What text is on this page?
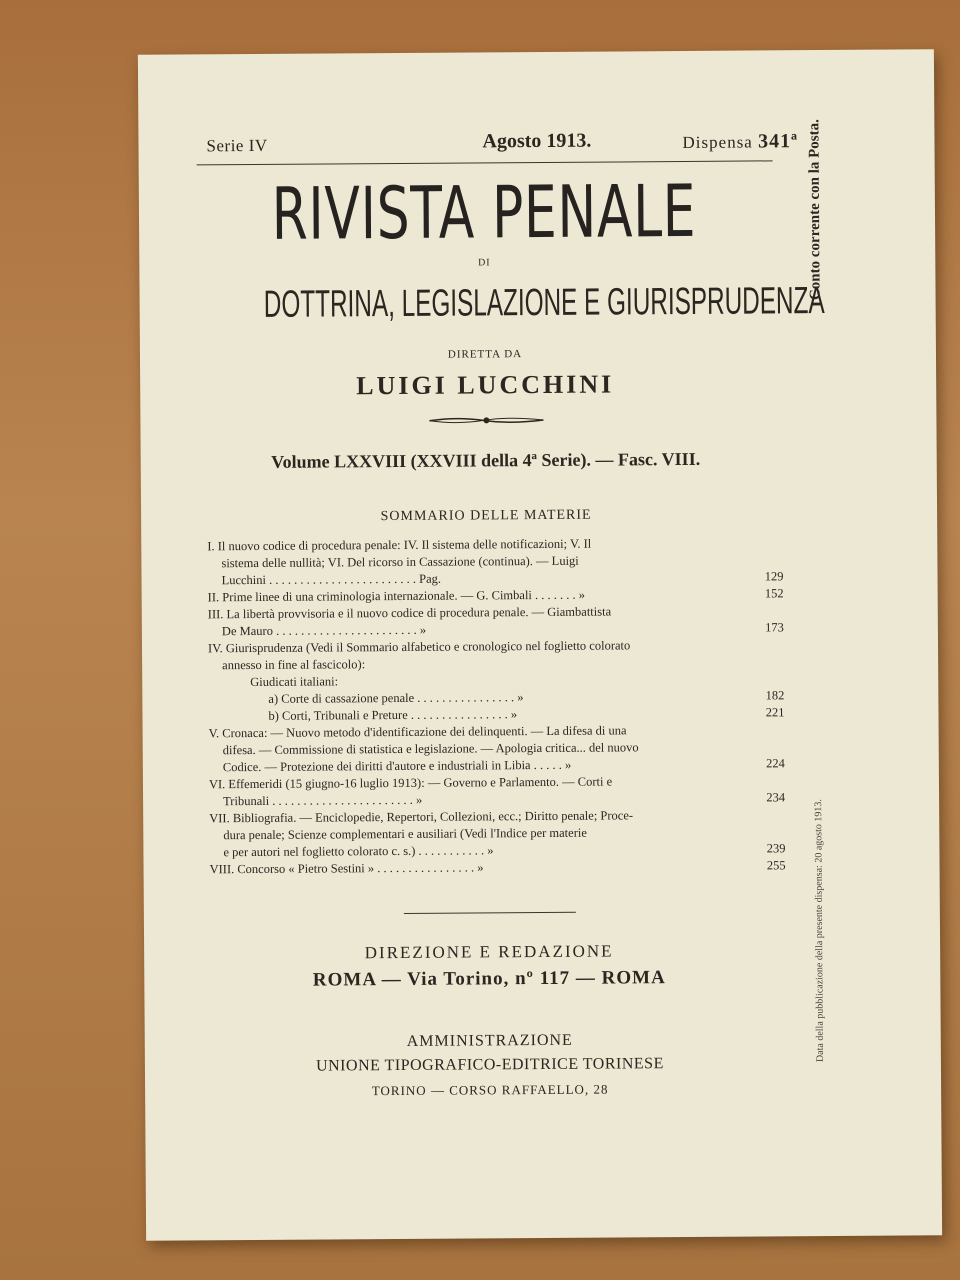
Serie IV	Agosto 1913.	Dispensa 341ª
RIVISTA PENALE
DI
DOTTRINA, LEGISLAZIONE E GIURISPRUDENZA
DIRETTA DA
LUIGI LUCCHINI
Volume LXXVIII (XXVIII della 4ª Serie). — Fasc. VIII.
Conto corrente con la Posta.
SOMMARIO DELLE MATERIE
I. Il nuovo codice di procedura penale: IV. Il sistema delle notificazioni; V. Il
sistema delle nullità; VI. Del ricorso in Cassazione (continua). — Luigi
Lucchini . . . . . . . . . . . . . . . . . . . . . . . . Pag.	129
II. Prime linee di una criminologia internazionale. — G. Cimbali . . . . . . . »	152
III. La libertà provvisoria e il nuovo codice di procedura penale. — Giambattista
De Mauro . . . . . . . . . . . . . . . . . . . . . . . »	173
IV. Giurisprudenza (Vedi il Sommario alfabetico e cronologico nel foglietto colorato
annesso in fine al fascicolo):
Giudicati italiani:
a) Corte di cassazione penale . . . . . . . . . . . . . . . . »	182
b) Corti, Tribunali e Preture . . . . . . . . . . . . . . . . »	221
V. Cronaca: — Nuovo metodo d'identificazione dei delinquenti. — La difesa di una
difesa. — Commissione di statistica e legislazione. — Apologia critica... del nuovo
Codice. — Protezione dei diritti d'autore e industriali in Libia . . . . . »	224
VI. Effemeridi (15 giugno-16 luglio 1913): — Governo e Parlamento. — Corti e
Tribunali . . . . . . . . . . . . . . . . . . . . . . . »	234
VII. Bibliografia. — Enciclopedie, Repertori, Collezioni, ecc.; Diritto penale; Proce-
dura penale; Scienze complementari e ausiliari (Vedi l'Indice per materie
e per autori nel foglietto colorato c. s.) . . . . . . . . . . . »	239
VIII. Concorso « Pietro Sestini » . . . . . . . . . . . . . . . . »	255
DIREZIONE E REDAZIONE
ROMA — Via Torino, nº 117 — ROMA
AMMINISTRAZIONE
UNIONE TIPOGRAFICO-EDITRICE TORINESE
TORINO — CORSO RAFFAELLO, 28
Data della pubblicazione della presente dispensa: 20 agosto 1913.
